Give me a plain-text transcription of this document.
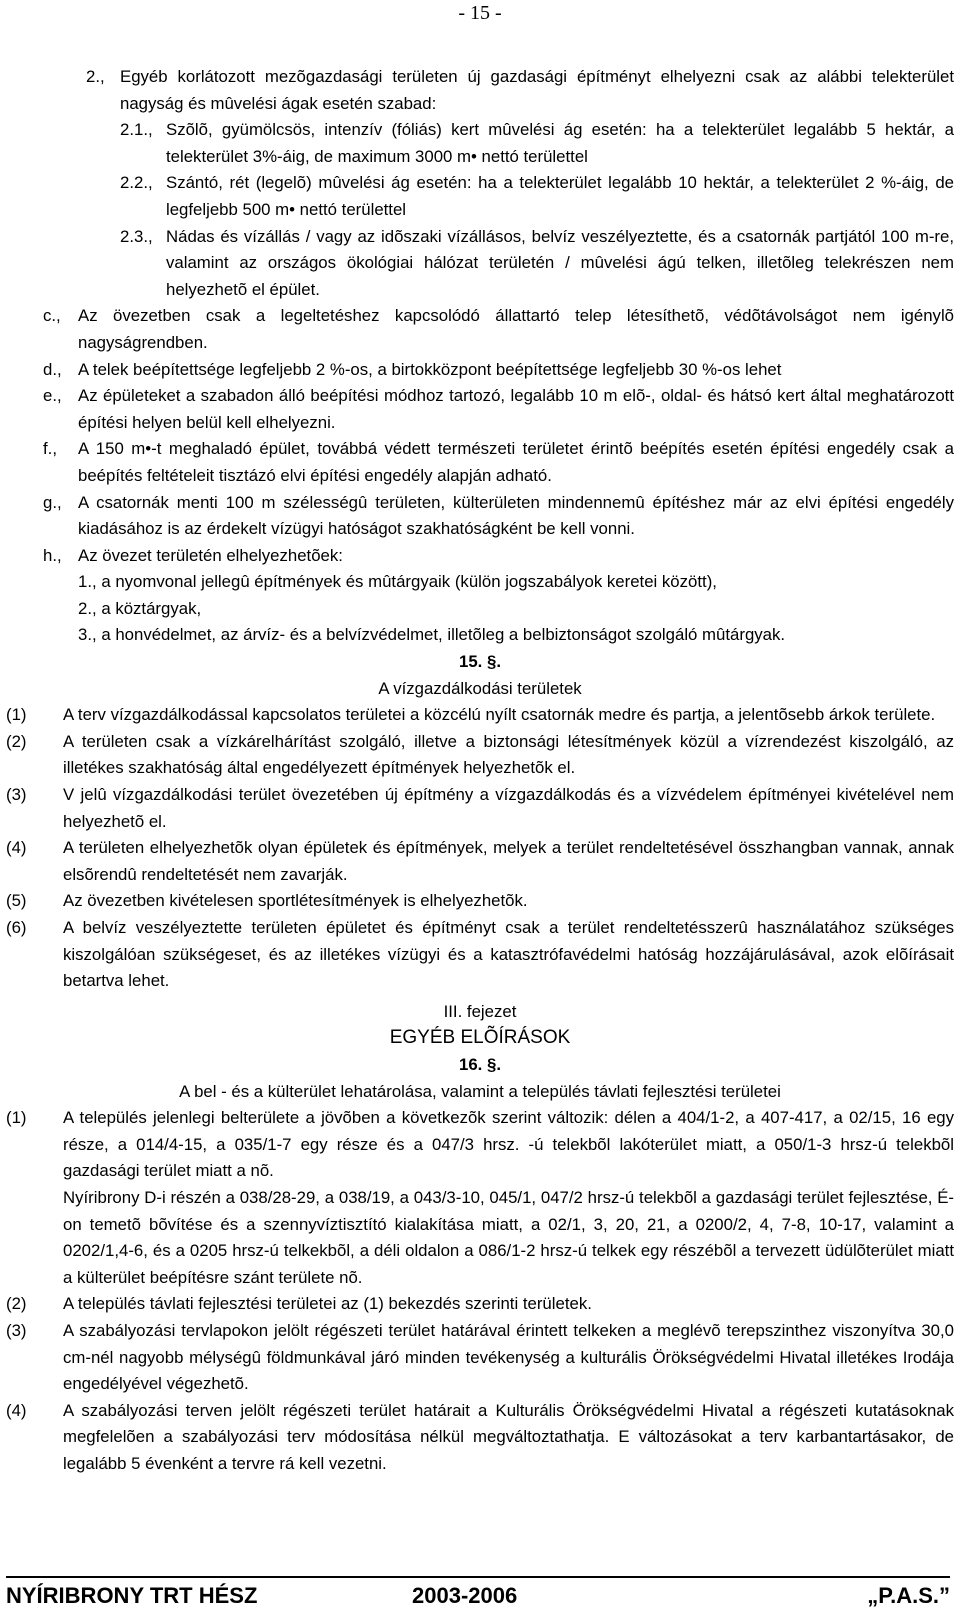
- 15 -
2., Egyéb korlátozott mezõgazdasági területen új gazdasági építményt elhelyezni csak az alábbi telekterület nagyság és mûvelési ágak esetén szabad:
2.1., Szõlõ, gyümölcsös, intenzív (fóliás) kert mûvelési ág esetén: ha a telekterület legalább 5 hektár, a telekterület 3%-áig, de maximum 3000 m• nettó területtel
2.2., Szántó, rét (legelõ) mûvelési ág esetén: ha a telekterület legalább 10 hektár, a telekterület 2 %-áig, de legfeljebb 500 m• nettó területtel
2.3., Nádas és vízállás / vagy az idõszaki vízállásos, belvíz veszélyeztette, és a csatornák partjától 100 m-re, valamint az országos ökológiai hálózat területén / mûvelési ágú telken, illetõleg telekrészen nem helyezhetõ el épület.
c., Az övezetben csak a legeltetéshez kapcsolódó állattartó telep létesíthetõ, védõtávolságot nem igénylõ nagyságrendben.
d., A telek beépítettsége legfeljebb 2 %-os, a birtokközpont beépítettsége legfeljebb 30 %-os lehet
e., Az épületeket a szabadon álló beépítési módhoz tartozó, legalább 10 m elõ-, oldal- és hátsó kert által meghatározott építési helyen belül kell elhelyezni.
f., A 150 m•-t meghaladó épület, továbbá védett természeti területet érintõ beépítés esetén építési engedély csak a beépítés feltételeit tisztázó elvi építési engedély alapján adható.
g., A csatornák menti 100 m szélességû területen, külterületen mindennemû építéshez már az elvi építési engedély kiadásához is az érdekelt vízügyi hatóságot szakhatóságként be kell vonni.
h., Az övezet területén elhelyezhetõek:
1., a nyomvonal jellegû építmények és mûtárgyaik (külön jogszabályok keretei között),
2., a köztárgyak,
3., a honvédelmet, az árvíz- és a belvízvédelmet, illetõleg a belbiztonságot szolgáló mûtárgyak.
15. §.
A vízgazdálkodási területek
(1) A terv vízgazdálkodással kapcsolatos területei a közcélú nyílt csatornák medre és partja, a jelentõsebb árkok területe.
(2) A területen csak a vízkárelhárítást szolgáló, illetve a biztonsági létesítmények közül a vízrendezést kiszolgáló, az illetékes szakhatóság által engedélyezett építmények helyezhetõk el.
(3) V jelû vízgazdálkodási terület övezetében új építmény a vízgazdálkodás és a vízvédelem építményei kivételével nem helyezhetõ el.
(4) A területen elhelyezhetõk olyan épületek és építmények, melyek a terület rendeltetésével összhangban vannak, annak elsõrendû rendeltetését nem zavarják.
(5) Az övezetben kivételesen sportlétesítmények is elhelyezhetõk.
(6) A belvíz veszélyeztette területen épületet és építményt csak a terület rendeltetésszerû használatához szükséges kiszolgálóan szükségeset, és az illetékes vízügyi és a katasztrófavédelmi hatóság hozzájárulásával, azok elõírásait betartva lehet.
III. fejezet
EGYÉB ELÕÍRÁSOK
16. §.
A bel - és a külterület lehatárolása, valamint a település távlati fejlesztési területei
(1) A település jelenlegi belterülete a jövõben a következõk szerint változik: délen a 404/1-2, a 407-417, a 02/15, 16 egy része, a 014/4-15, a 035/1-7 egy része és a 047/3 hrsz. -ú telekbõl lakóterület miatt, a 050/1-3 hrsz-ú telekbõl gazdasági terület miatt a nõ.
Nyíribrony D-i részén a 038/28-29, a 038/19, a 043/3-10, 045/1, 047/2 hrsz-ú telekbõl a gazdasági terület fejlesztése, É-on temetõ bõvítése és a szennyvíztisztító kialakítása miatt, a 02/1, 3, 20, 21, a 0200/2, 4, 7-8, 10-17, valamint a 0202/1,4-6, és a 0205 hrsz-ú telkekbõl, a déli oldalon a 086/1-2 hrsz-ú telkek egy részébõl a tervezett üdülõterület miatt a külterület beépítésre szánt területe nõ.
(2) A település távlati fejlesztési területei az (1) bekezdés szerinti területek.
(3) A szabályozási tervlapokon jelölt régészeti terület határával érintett telkeken a meglévõ terepszinthez viszonyítva 30,0 cm-nél nagyobb mélységû földmunkával járó minden tevékenység a kulturális Örökségvédelmi Hivatal illetékes Irodája engedélyével végezhetõ.
(4) A szabályozási terven jelölt régészeti terület határait a Kulturális Örökségvédelmi Hivatal a régészeti kutatásoknak megfelelõen a szabályozási terv módosítása nélkül megváltoztathatja. E változásokat a terv karbantartásakor, de legalább 5 évenként a tervre rá kell vezetni.
NYÍRIBRONY TRT HÉSZ	2003-2006	„P.A.S.”
